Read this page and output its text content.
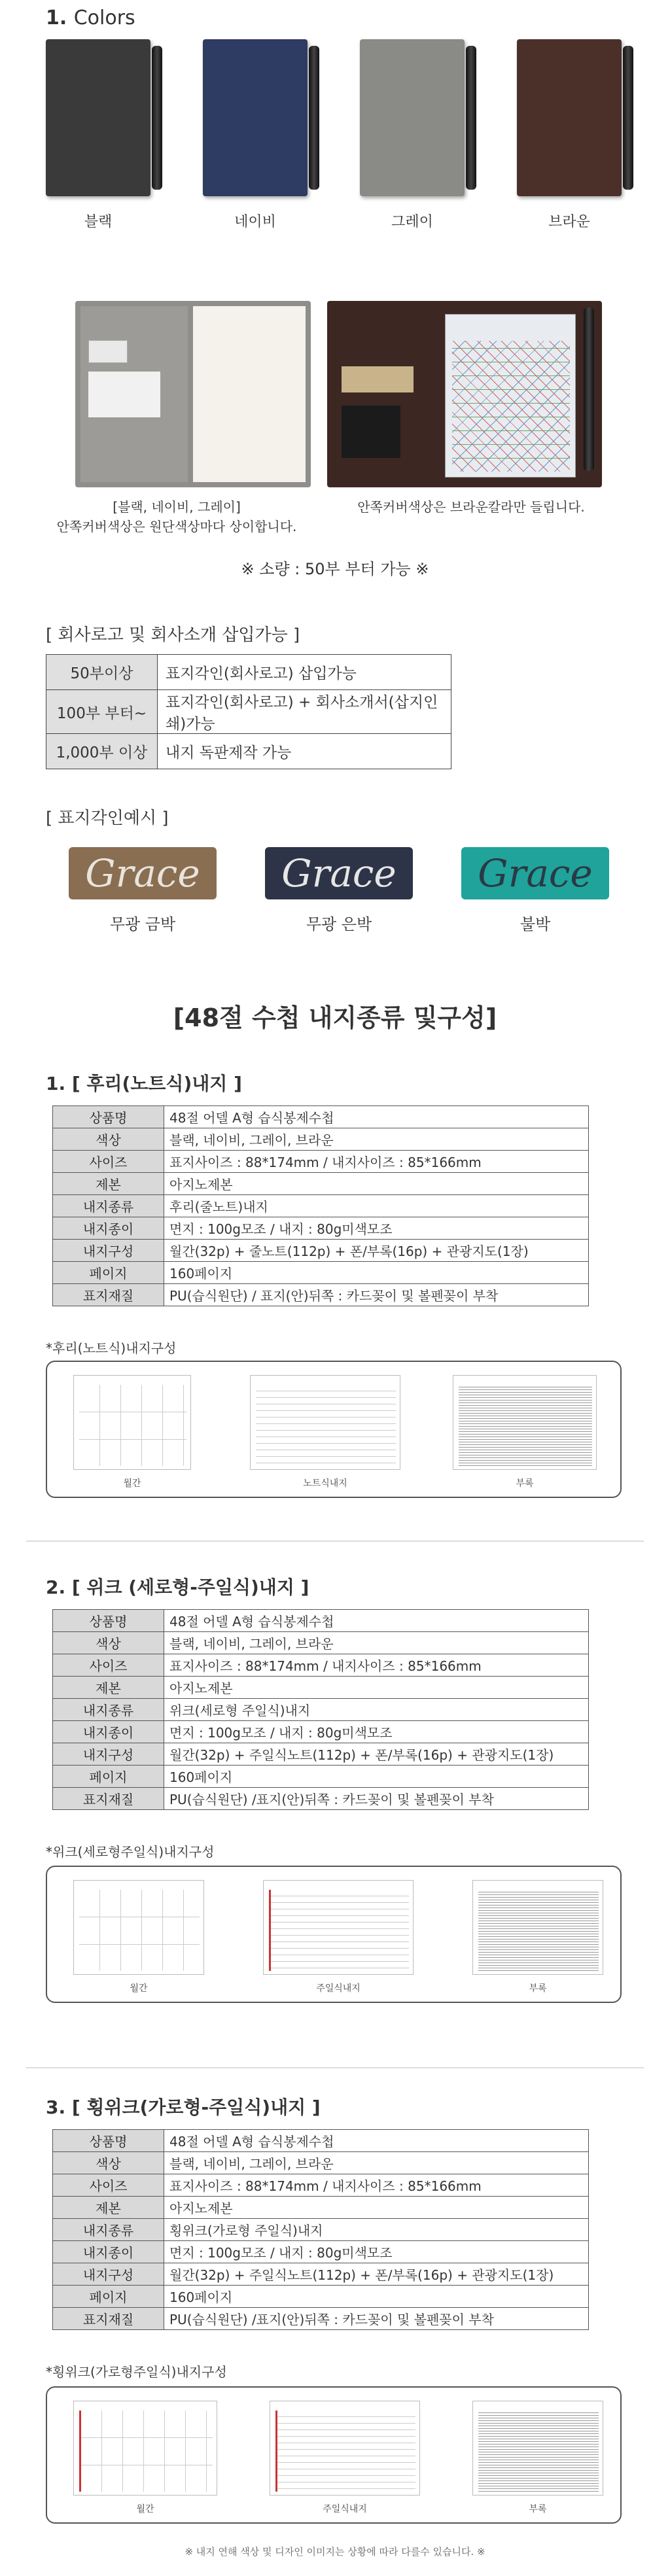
1. Colors
블랙	네이비	그레이	브라운
[블랙, 네이비, 그레이]
안쪽커버색상은 원단색상마다 상이합니다.
안쪽커버색상은 브라운칼라만 들립니다.
※ 소량 : 50부 부터 가능 ※
[ 회사로고 및 회사소개 삽입가능 ]
50부이상	표지각인(회사로고) 삽입가능
100부 부터~	표지각인(회사로고) + 회사소개서(삽지인쇄)가능
1,000부 이상	내지 독판제작 가능
[ 표지각인예시 ]
Grace	Grace	Grace
무광 금박	무광 은박	불박
[48절 수첩 내지종류 및구성]
1. [ 후리(노트식)내지 ]
상품명	48절 어델 A형 습식봉제수첩
색상	블랙, 네이비, 그레이, 브라운
사이즈	표지사이즈 : 88*174mm / 내지사이즈 : 85*166mm
제본	아지노제본
내지종류	후리(줄노트)내지
내지종이	면지 : 100g모조 / 내지 : 80g미색모조
내지구성	월간(32p) + 줄노트(112p) + 폰/부록(16p) + 관광지도(1장)
페이지	160페이지
표지재질	PU(습식원단) / 표지(안)뒤쪽 : 카드꽂이 및 볼펜꽂이 부착
*후리(노트식)내지구성
월간	노트식내지	부록
2. [ 위크 (세로형-주일식)내지 ]
상품명	48절 어델 A형 습식봉제수첩
색상	블랙, 네이비, 그레이, 브라운
사이즈	표지사이즈 : 88*174mm / 내지사이즈 : 85*166mm
제본	아지노제본
내지종류	위크(세로형 주일식)내지
내지종이	면지 : 100g모조 / 내지 : 80g미색모조
내지구성	월간(32p) + 주일식노트(112p) + 폰/부록(16p) + 관광지도(1장)
페이지	160페이지
표지재질	PU(습식원단) /표지(안)뒤쪽 : 카드꽂이 및 볼펜꽂이 부착
*위크(세로형주일식)내지구성
월간	주일식내지	부록
3. [ 횡위크(가로형-주일식)내지 ]
상품명	48절 어델 A형 습식봉제수첩
색상	블랙, 네이비, 그레이, 브라운
사이즈	표지사이즈 : 88*174mm / 내지사이즈 : 85*166mm
제본	아지노제본
내지종류	횡위크(가로형 주일식)내지
내지종이	면지 : 100g모조 / 내지 : 80g미색모조
내지구성	월간(32p) + 주일식노트(112p) + 폰/부록(16p) + 관광지도(1장)
페이지	160페이지
표지재질	PU(습식원단) /표지(안)뒤쪽 : 카드꽂이 및 볼펜꽂이 부착
*횡위크(가로형주일식)내지구성
월간	주일식내지	부록
※ 내지 연해 색상 및 디자인 이미지는 상황에 따라 다를수 있습니다. ※
